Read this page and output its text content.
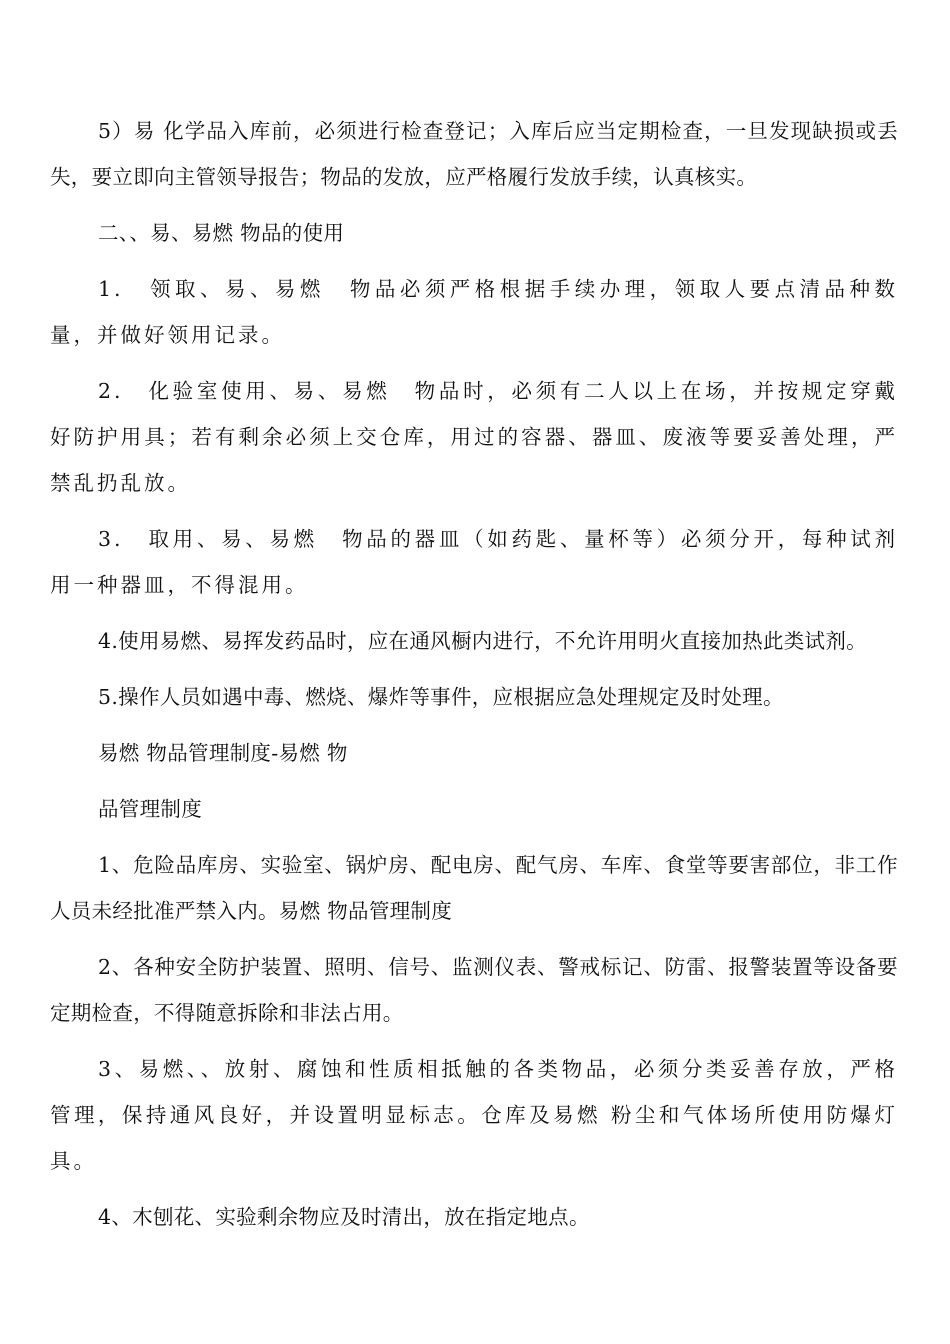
5）易 化学品入库前，必须进行检查登记；入库后应当定期检查，一旦发现缺损或丢失，要立即向主管领导报告；物品的发放，应严格履行发放手续，认真核实。

二、、易、易燃 物品的使用

1.　领取、易、易燃　物品必须严格根据手续办理，领取人要点清品种数量，并做好领用记录。

2.　化验室使用、易、易燃　物品时，必须有二人以上在场，并按规定穿戴好防护用具；若有剩余必须上交仓库，用过的容器、器皿、废液等要妥善处理，严禁乱扔乱放。

3.　取用、易、易燃　物品的器皿（如药匙、量杯等）必须分开，每种试剂用一种器皿，不得混用。

4.使用易燃、易挥发药品时，应在通风橱内进行，不允许用明火直接加热此类试剂。

5.操作人员如遇中毒、燃烧、爆炸等事件，应根据应急处理规定及时处理。

易燃 物品管理制度-易燃 物

品管理制度

1、危险品库房、实验室、锅炉房、配电房、配气房、车库、食堂等要害部位，非工作人员未经批准严禁入内。易燃 物品管理制度

2、各种安全防护装置、照明、信号、监测仪表、警戒标记、防雷、报警装置等设备要定期检查，不得随意拆除和非法占用。

3、易燃、、放射、腐蚀和性质相抵触的各类物品，必须分类妥善存放，严格管理，保持通风良好，并设置明显标志。仓库及易燃 粉尘和气体场所使用防爆灯具。

4、木刨花、实验剩余物应及时清出，放在指定地点。
